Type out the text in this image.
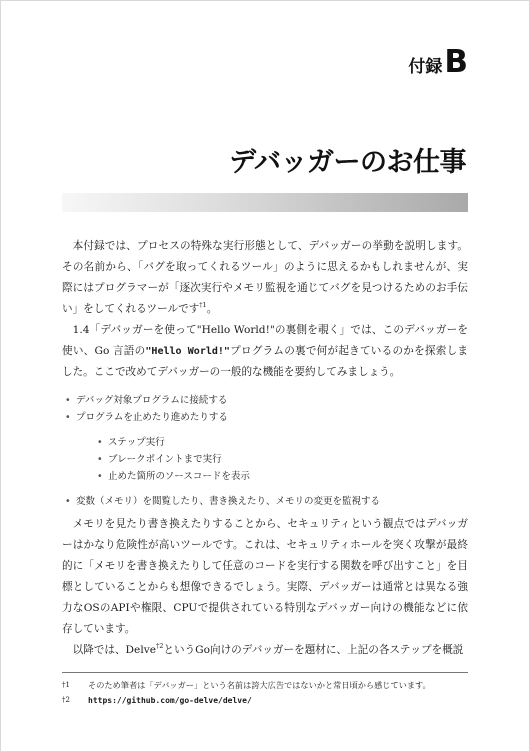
付録 B
デバッガーのお仕事

本付録では、プロセスの特殊な実行形態として、デバッガーの挙動を説明します。その名前から、「バグを取ってくれるツール」のように思えるかもしれませんが、実際にはプログラマーが「逐次実行やメモリ監視を通じてバグを見つけるためのお手伝い」をしてくれるツールです$^{\dagger 1}$。

1.4「デバッガーを使って"Hello World!"の裏側を覗く」では、このデバッガーを使い、Go 言語の"Hello World!"プログラムの裏で何が起きているのかを探索しました。ここで改めてデバッガーの一般的な機能を要約してみましょう。

• デバッグ対象プログラムに接続する
• プログラムを止めたり進めたりする
• ステップ実行
• ブレークポイントまで実行
• 止めた箇所のソースコードを表示
• 変数（メモリ）を閲覧したり、書き換えたり、メモリの変更を監視する

メモリを見たり書き換えたりすることから、セキュリティという観点ではデバッガーはかなり危険性が高いツールです。これは、セキュリティホールを突く攻撃が最終的に「メモリを書き換えたりして任意のコードを実行する関数を呼び出すこと」を目標としていることからも想像できるでしょう。実際、デバッガーは通常とは異なる強力なOSのAPIや権限、CPUで提供されている特別なデバッガー向けの機能などに依存しています。

以降では、Delve$^{\dagger 2}$というGo向けのデバッガーを題材に、上記の各ステップを概説

†1	そのため筆者は「デバッガー」という名前は誇大広告ではないかと常日頃から感じています。
†2	https://github.com/go-delve/delve/
